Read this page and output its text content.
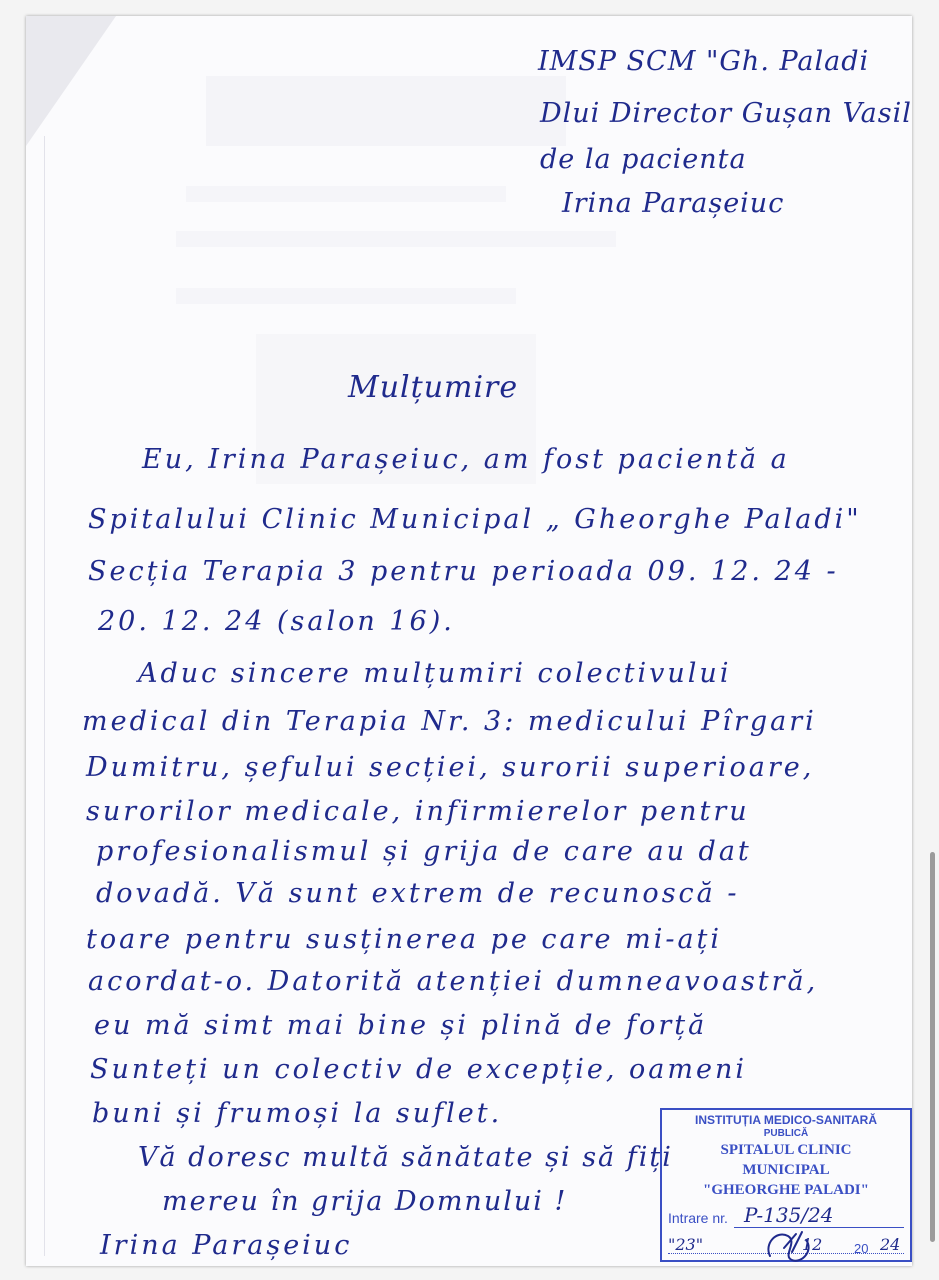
IMSP SCM "Gh. Paladi
Dlui Director Gușan Vasil
de la pacienta
Irina Parașeiuc
Mulțumire
Eu, Irina Parașeiuc, am fost pacientă a
Spitalului Clinic Municipal „ Gheorghe Paladi"
Secția Terapia 3 pentru perioada 09. 12. 24 -
20. 12. 24 (salon 16).
Aduc sincere mulțumiri colectivului
medical din Terapia Nr. 3: medicului Pîrgari
Dumitru, șefului secției, surorii superioare,
surorilor medicale, infirmierelor pentru
profesionalismul și grija de care au dat
dovadă. Vă sunt extrem de recunoscă -
toare pentru susținerea pe care mi-ați
acordat-o. Datorită atenției dumneavoastră,
eu mă simt mai bine și plină de forță
Sunteți un colectiv de excepție, oameni
buni și frumoși la suflet.
Vă doresc multă sănătate și să fiți
mereu în grija Domnului !
Irina Parașeiuc
INSTITUȚIA MEDICO-SANITARĂ
PUBLICĂ
SPITALUL CLINIC
MUNICIPAL
"GHEORGHE PALADI"
Intrare nr. P-135/24
"23"	12 20 24
